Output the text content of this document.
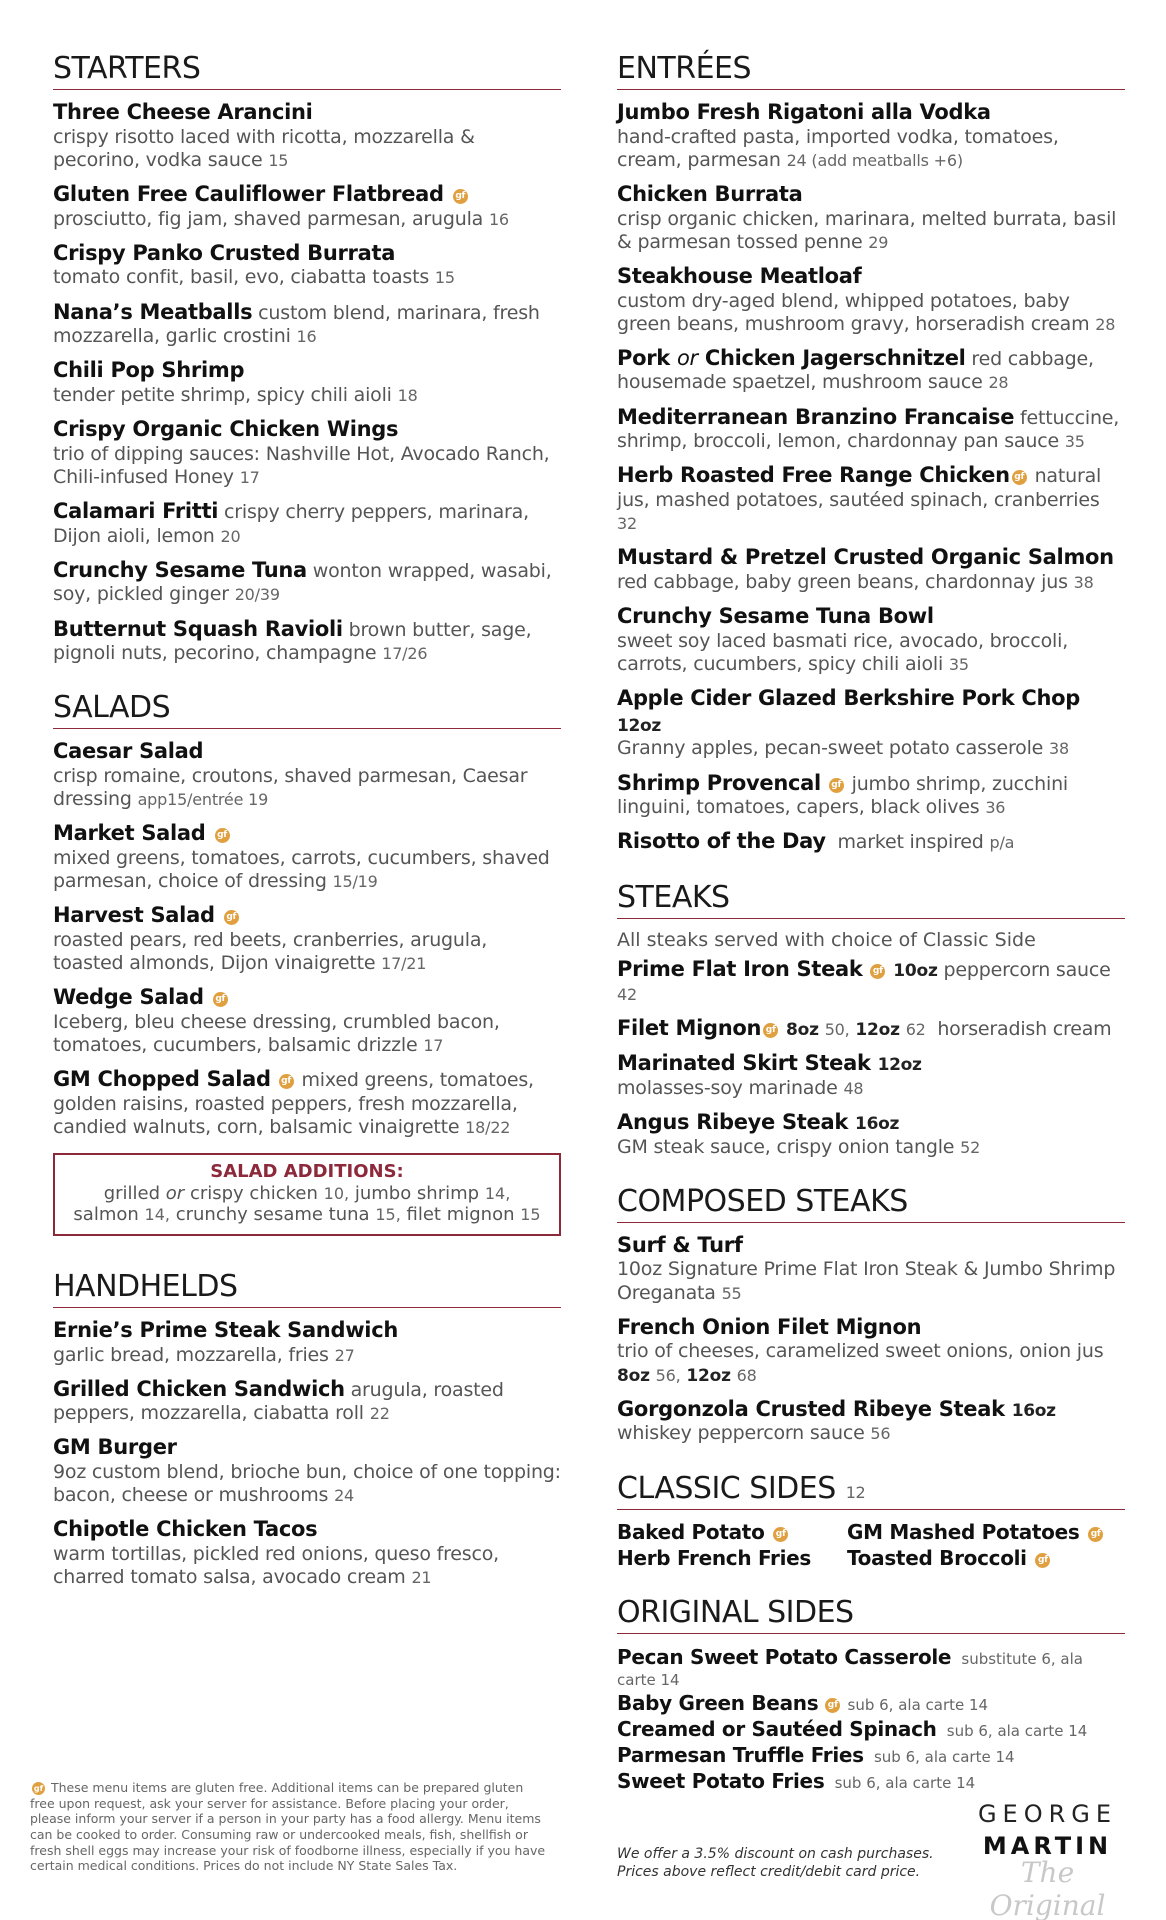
STARTERS
Three Cheese Arancini
crispy risotto laced with ricotta, mozzarella & pecorino, vodka sauce 15
Gluten Free Cauliflower Flatbread gf
prosciutto, fig jam, shaved parmesan, arugula 16
Crispy Panko Crusted Burrata
tomato confit, basil, evo, ciabatta toasts 15
Nana’s Meatballs custom blend, marinara, fresh mozzarella, garlic crostini 16
Chili Pop Shrimp
tender petite shrimp, spicy chili aioli 18
Crispy Organic Chicken Wings
trio of dipping sauces: Nashville Hot, Avocado Ranch, Chili-infused Honey 17
Calamari Fritti crispy cherry peppers, marinara, Dijon aioli, lemon 20
Crunchy Sesame Tuna wonton wrapped, wasabi, soy, pickled ginger 20/39
Butternut Squash Ravioli brown butter, sage, pignoli nuts, pecorino, champagne 17/26
SALADS
Caesar Salad
crisp romaine, croutons, shaved parmesan, Caesar dressing app15/entrée 19
Market Salad gf
mixed greens, tomatoes, carrots, cucumbers, shaved parmesan, choice of dressing 15/19
Harvest Salad gf
roasted pears, red beets, cranberries, arugula, toasted almonds, Dijon vinaigrette 17/21
Wedge Salad gf
Iceberg, bleu cheese dressing, crumbled bacon, tomatoes, cucumbers, balsamic drizzle 17
GM Chopped Salad gf mixed greens, tomatoes, golden raisins, roasted peppers, fresh mozzarella, candied walnuts, corn, balsamic vinaigrette 18/22
SALAD ADDITIONS:
grilled or crispy chicken 10, jumbo shrimp 14,
salmon 14, crunchy sesame tuna 15, filet mignon 15
HANDHELDS
Ernie’s Prime Steak Sandwich
garlic bread, mozzarella, fries 27
Grilled Chicken Sandwich arugula, roasted peppers, mozzarella, ciabatta roll 22
GM Burger
9oz custom blend, brioche bun, choice of one topping: bacon, cheese or mushrooms 24
Chipotle Chicken Tacos
warm tortillas, pickled red onions, queso fresco, charred tomato salsa, avocado cream 21
ENTRÉES
Jumbo Fresh Rigatoni alla Vodka
hand-crafted pasta, imported vodka, tomatoes, cream, parmesan 24 (add meatballs +6)
Chicken Burrata
crisp organic chicken, marinara, melted burrata, basil & parmesan tossed penne 29
Steakhouse Meatloaf
custom dry-aged blend, whipped potatoes, baby green beans, mushroom gravy, horseradish cream 28
Pork or Chicken Jagerschnitzel red cabbage, housemade spaetzel, mushroom sauce 28
Mediterranean Branzino Francaise fettuccine, shrimp, broccoli, lemon, chardonnay pan sauce 35
Herb Roasted Free Range Chicken gf natural jus, mashed potatoes, sautéed spinach, cranberries 32
Mustard & Pretzel Crusted Organic Salmon
red cabbage, baby green beans, chardonnay jus 38
Crunchy Sesame Tuna Bowl
sweet soy laced basmati rice, avocado, broccoli, carrots, cucumbers, spicy chili aioli 35
Apple Cider Glazed Berkshire Pork Chop 12oz
Granny apples, pecan-sweet potato casserole 38
Shrimp Provencal gf jumbo shrimp, zucchini linguini, tomatoes, capers, black olives 36
Risotto of the Day market inspired p/a
STEAKS
All steaks served with choice of Classic Side
Prime Flat Iron Steak gf 10oz peppercorn sauce 42
Filet Mignon gf 8oz 50, 12oz 62 horseradish cream
Marinated Skirt Steak 12oz
molasses-soy marinade 48
Angus Ribeye Steak 16oz
GM steak sauce, crispy onion tangle 52
COMPOSED STEAKS
Surf & Turf
10oz Signature Prime Flat Iron Steak & Jumbo Shrimp Oreganata 55
French Onion Filet Mignon
trio of cheeses, caramelized sweet onions, onion jus
8oz 56, 12oz 68
Gorgonzola Crusted Ribeye Steak 16oz
whiskey peppercorn sauce 56
CLASSIC SIDES 12
Baked Potato gf	GM Mashed Potatoes gf
Herb French Fries	Toasted Broccoli gf
ORIGINAL SIDES
Pecan Sweet Potato Casserole substitute 6, ala carte 14
Baby Green Beans gf sub 6, ala carte 14
Creamed or Sautéed Spinach sub 6, ala carte 14
Parmesan Truffle Fries sub 6, ala carte 14
Sweet Potato Fries sub 6, ala carte 14
gf These menu items are gluten free. Additional items can be prepared gluten free upon request, ask your server for assistance. Before placing your order, please inform your server if a person in your party has a food allergy. Menu items can be cooked to order. Consuming raw or undercooked meals, fish, shellfish or fresh shell eggs may increase your risk of foodborne illness, especially if you have certain medical conditions. Prices do not include NY State Sales Tax.
We offer a 3.5% discount on cash purchases.
Prices above reflect credit/debit card price.
GEORGE
MARTIN
The Original
